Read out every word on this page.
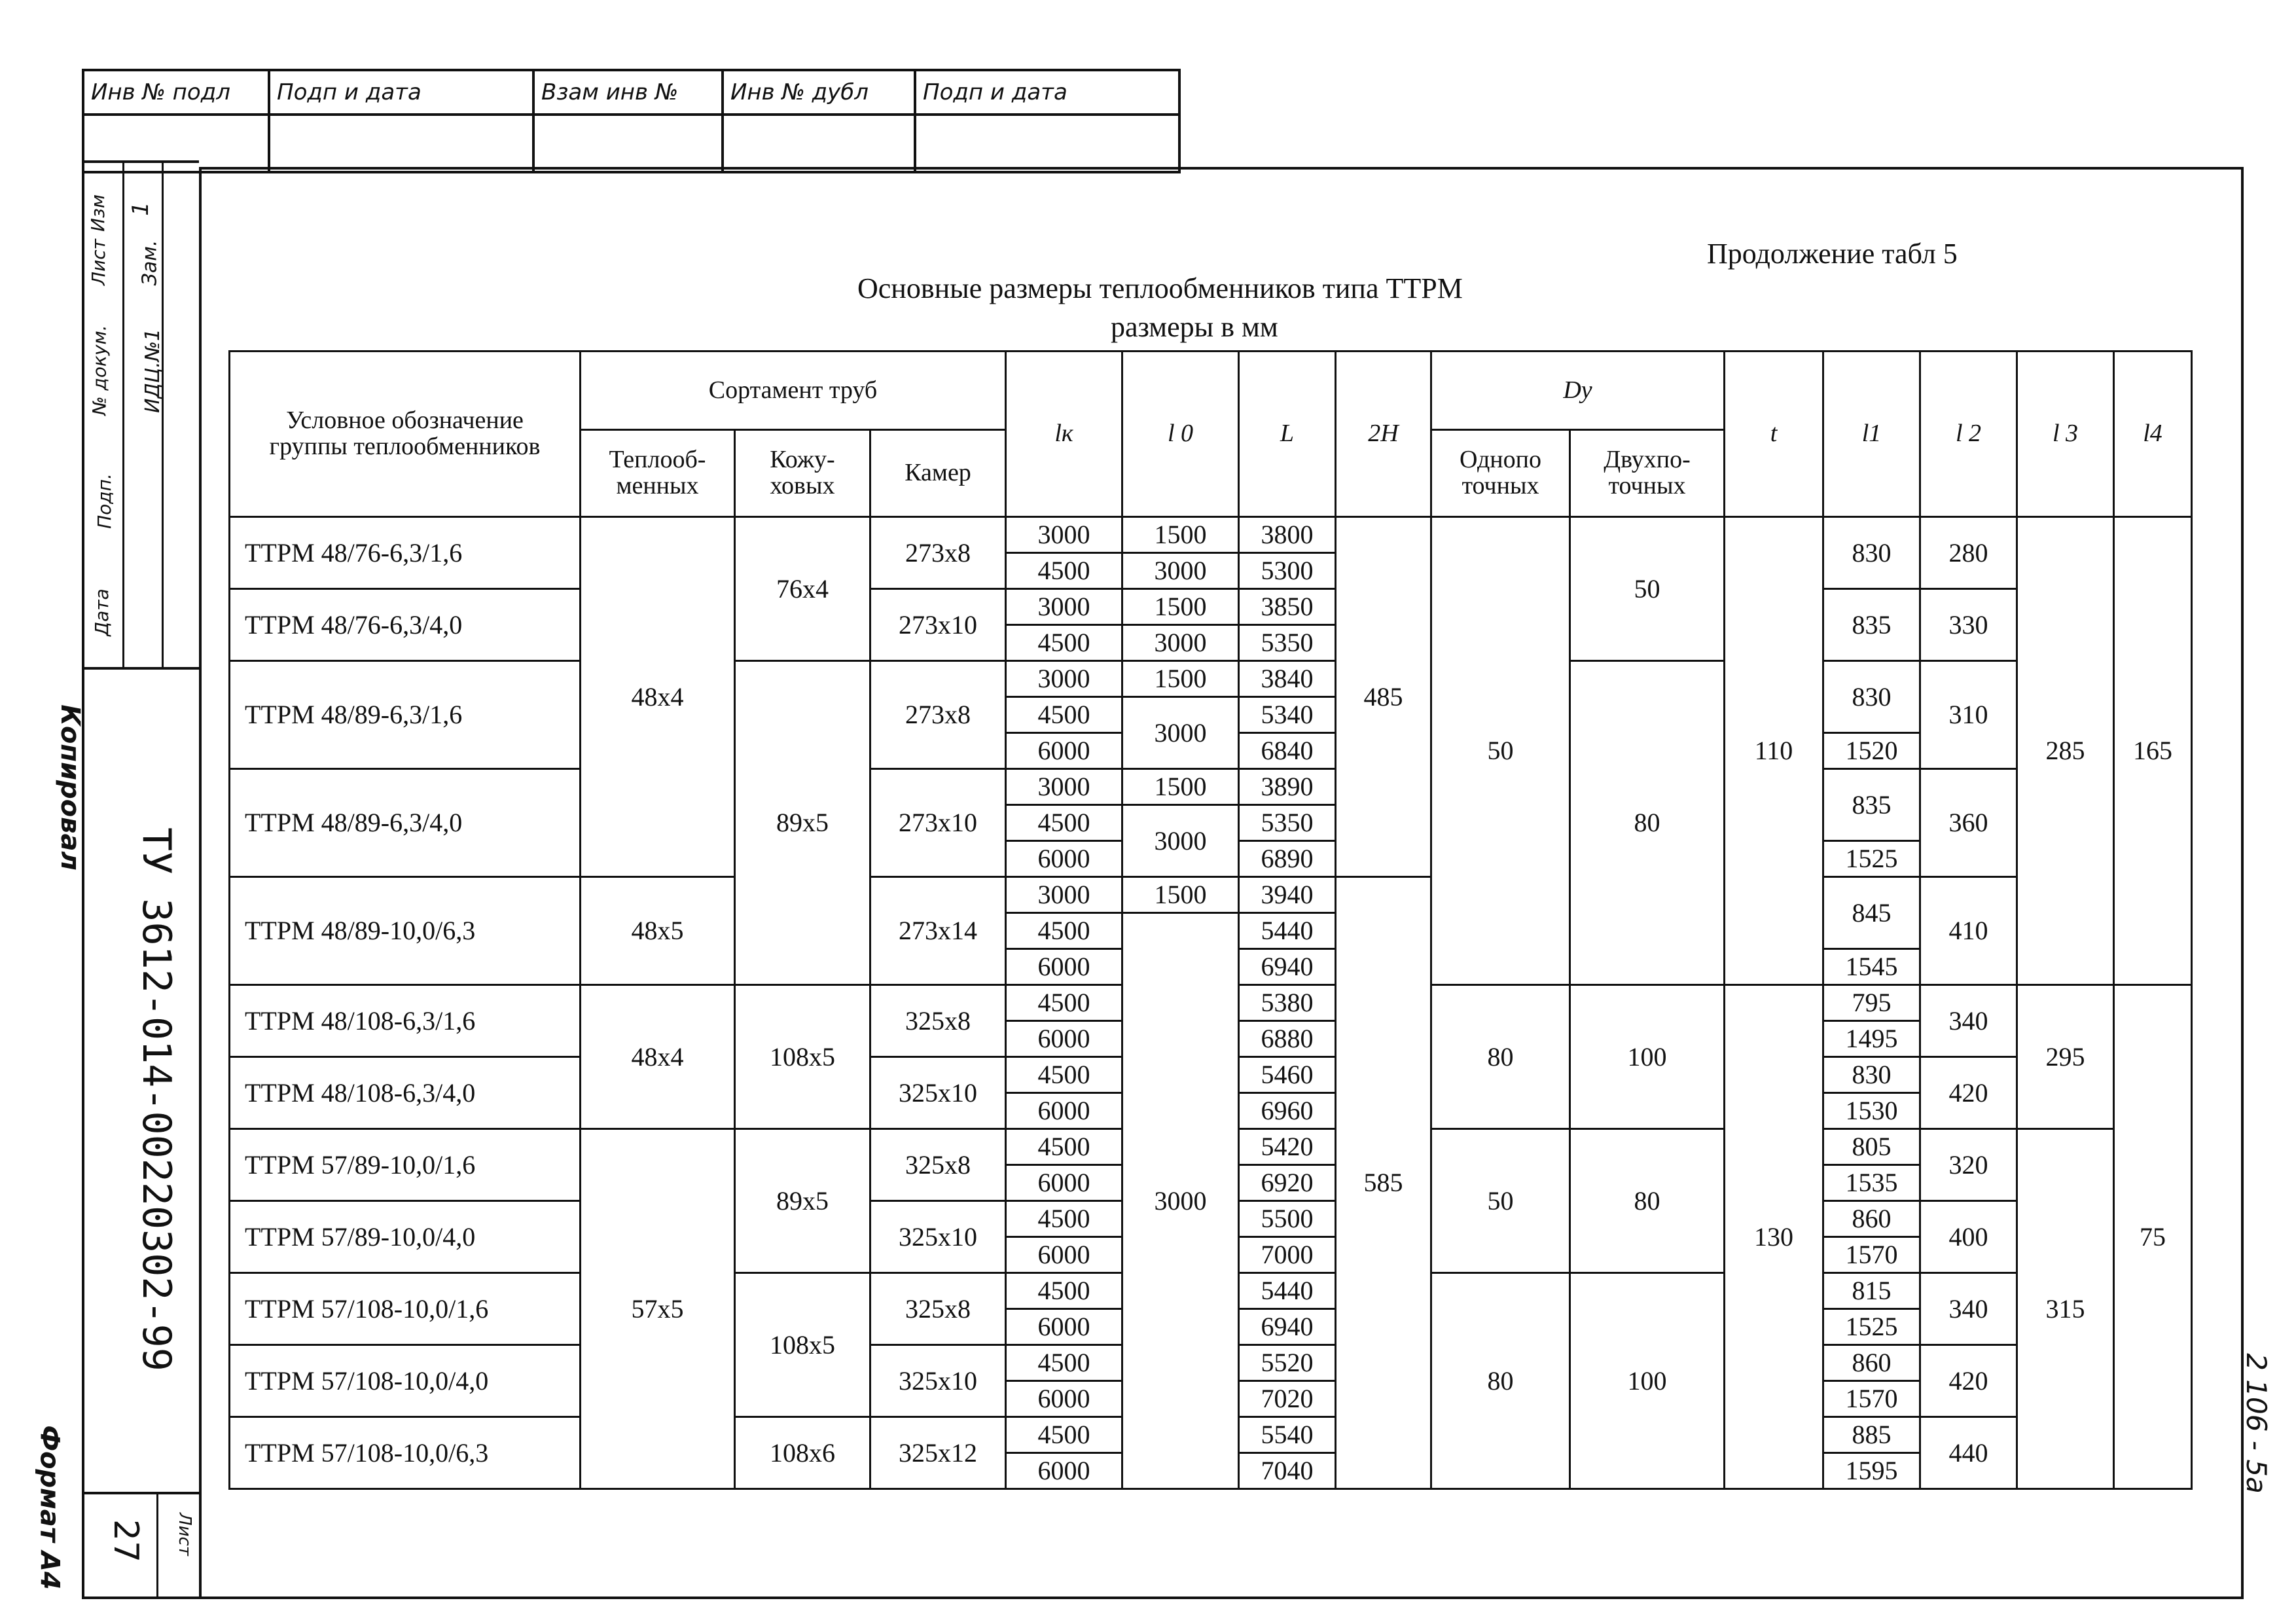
Инв № подл	Подп и дата	Взам инв №	Инв № дубл	Подп и дата

Изм
Лист
№ докум.
Подп.
Дата
1
Зам.
ИДЦ.№1
ТУ 3612-014-00220302-99
Лист
27
Копировал
Формат А4
2 106 - 5а
Продолжение табл 5
Основные размеры теплообменников типа ТТРМ
размеры в мм
Условное обозначение группы теплообменников	Сортамент труб			lк	l 0	L	2H	Dy		t	l1	l 2	l 3	l4
	Теплооб-менных	Кожу-ховых	Камер					Однопо точных	Двухпо-точных					
ТТРМ 48/76-6,3/1,6	48x4	76x4	273x8	3000	1500	3800	485	50	50	110	830	280	285	165
				4500	3000	5300								
ТТРМ 48/76-6,3/4,0			273x10	3000	1500	3850					835	330		
				4500	3000	5350								
ТТРМ 48/89-6,3/1,6		89x5	273x8	3000	1500	3840			80		830	310		
				4500	3000	5340								
				6000		6840					1520			
ТТРМ 48/89-6,3/4,0			273x10	3000	1500	3890					835	360		
				4500	3000	5350								
				6000		6890					1525			
ТТРМ 48/89-10,0/6,3	48x5		273x14	3000	1500	3940	585				845	410		
				4500	3000	5440								
				6000		6940					1545			
ТТРМ 48/108-6,3/1,6	48x4	108x5	325x8	4500		5380		80	100	130	795	340	295	75
				6000		6880					1495			
ТТРМ 48/108-6,3/4,0			325x10	4500		5460					830	420		
				6000		6960					1530			
ТТРМ 57/89-10,0/1,6	57x5	89x5	325x8	4500		5420		50	80		805	320	315	
				6000		6920					1535			
ТТРМ 57/89-10,0/4,0			325x10	4500		5500					860	400		
				6000		7000					1570			
ТТРМ 57/108-10,0/1,6		108x5	325x8	4500		5440		80	100		815	340		
				6000		6940					1525			
ТТРМ 57/108-10,0/4,0			325x10	4500		5520					860	420		
				6000		7020					1570			
ТТРМ 57/108-10,0/6,3		108x6	325x12	4500		5540					885	440		
				6000		7040					1595			
